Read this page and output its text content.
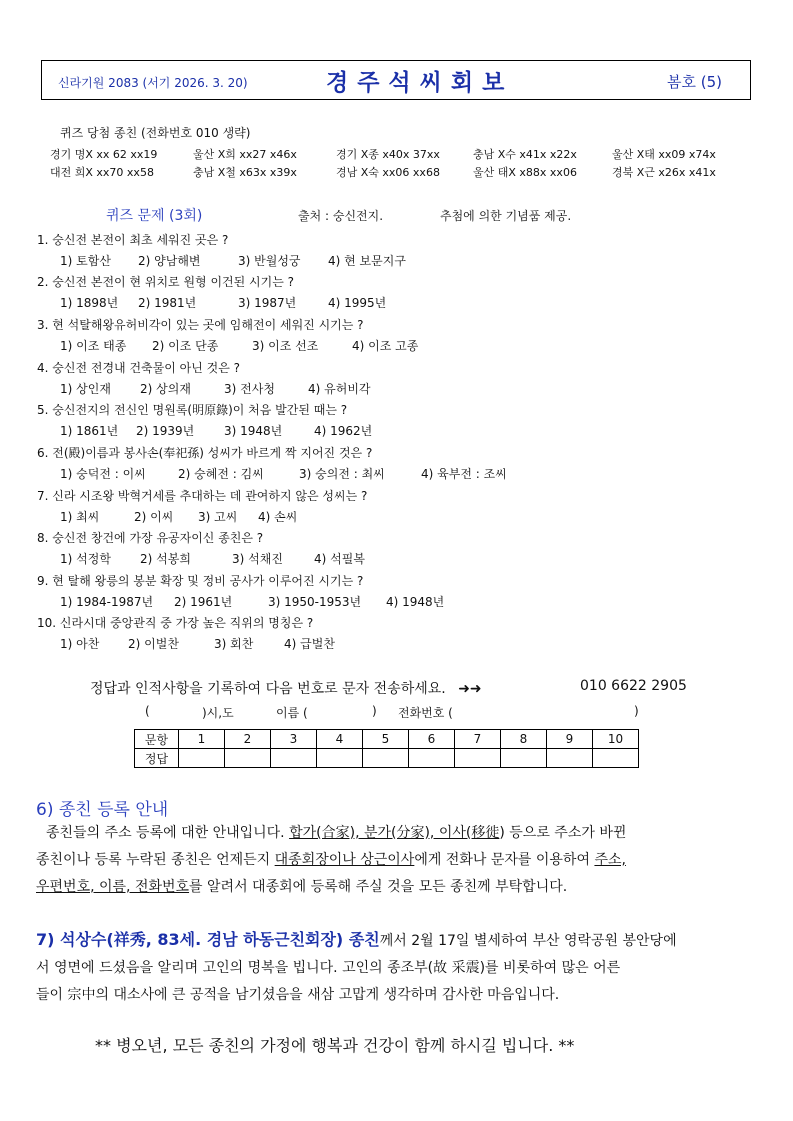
신라기원 2083 (서기 2026. 3. 20)	경주석씨회보	봄호 (5)
퀴즈 당첨 종친 (전화번호 010 생략)
경기 명X xx 62 xx19	울산 X희 xx27 x46x	경기 X종 x40x 37xx	충남 X수 x41x x22x	울산 X태 xx09 x74x
대전 희X xx70 xx58	충남 X철 x63x x39x	경남 X숙 xx06 xx68	울산 태X x88x xx06	경북 X근 x26x x41x
퀴즈 문제 (3회)	출처 : 숭신전지.	추첨에 의한 기념품 제공.
1. 숭신전 본전이 최초 세워진 곳은 ?
1) 토함산 2) 양남해변	3) 반월성궁 4) 현 보문지구
2. 숭신전 본전이 현 위치로 원형 이건된 시기는 ?
1) 1898년 2) 1981년	3) 1987년	4) 1995년
3. 현 석탈해왕유허비각이 있는 곳에 임해전이 세워진 시기는 ?
1) 이조 태종 2) 이조 단종	3) 이조 선조	4) 이조 고종
4. 숭신전 전경내 건축물이 아닌 것은 ?
1) 상인재 2) 상의재	3) 전사청	4) 유허비각
5. 숭신전지의 전신인 명원록(明原錄)이 처음 발간된 때는 ?
1) 1861년 2) 1939년 3) 1948년	4) 1962년
6. 전(殿)이름과 봉사손(奉祀孫) 성씨가 바르게 짝 지어진 것은 ?
1) 숭덕전 : 이씨	2) 숭혜전 : 김씨	3) 숭의전 : 최씨	4) 육부전 : 조씨
7. 신라 시조왕 박혁거세를 추대하는 데 관여하지 않은 성씨는 ?
1) 최씨	2) 이씨 3) 고씨 4) 손씨
8. 숭신전 창건에 가장 유공자이신 종친은 ?
1) 석정학 2) 석봉희	3) 석채진	4) 석필복
9. 현 탈해 왕릉의 봉분 확장 및 정비 공사가 이루어진 시기는 ?
1) 1984-1987년 2) 1961년	3) 1950-1953년 4) 1948년
10. 신라시대 중앙관직 중 가장 높은 직위의 명칭은 ?
1) 아찬 2) 이벌찬	3) 회찬	4) 급벌찬
정답과 인적사항을 기록하여 다음 번호로 문자 전송하세요. ➜➜	010 6622 2905
(	)시,도	이름 (	) 전화번호 (	)
문항	1	2	3	4	5	6	7	8	9	10
정답										
6) 종친 등록 안내
종친들의 주소 등록에 대한 안내입니다. 합가(合家), 분가(分家), 이사(移徙) 등으로 주소가 바뀐
종친이나 등록 누락된 종친은 언제든지 대종회장이나 상근이사에게 전화나 문자를 이용하여 주소,
우편번호, 이름, 전화번호를 알려서 대종회에 등록해 주실 것을 모든 종친께 부탁합니다.
7) 석상수(祥秀, 83세. 경남 하동근친회장) 종친께서 2월 17일 별세하여 부산 영락공원 봉안당에
서 영면에 드셨음을 알리며 고인의 명복을 빕니다. 고인의 종조부(故 采震)를 비롯하여 많은 어른
들이 宗中의 대소사에 큰 공적을 남기셨음을 새삼 고맙게 생각하며 감사한 마음입니다.
** 병오년, 모든 종친의 가정에 행복과 건강이 함께 하시길 빕니다. **
